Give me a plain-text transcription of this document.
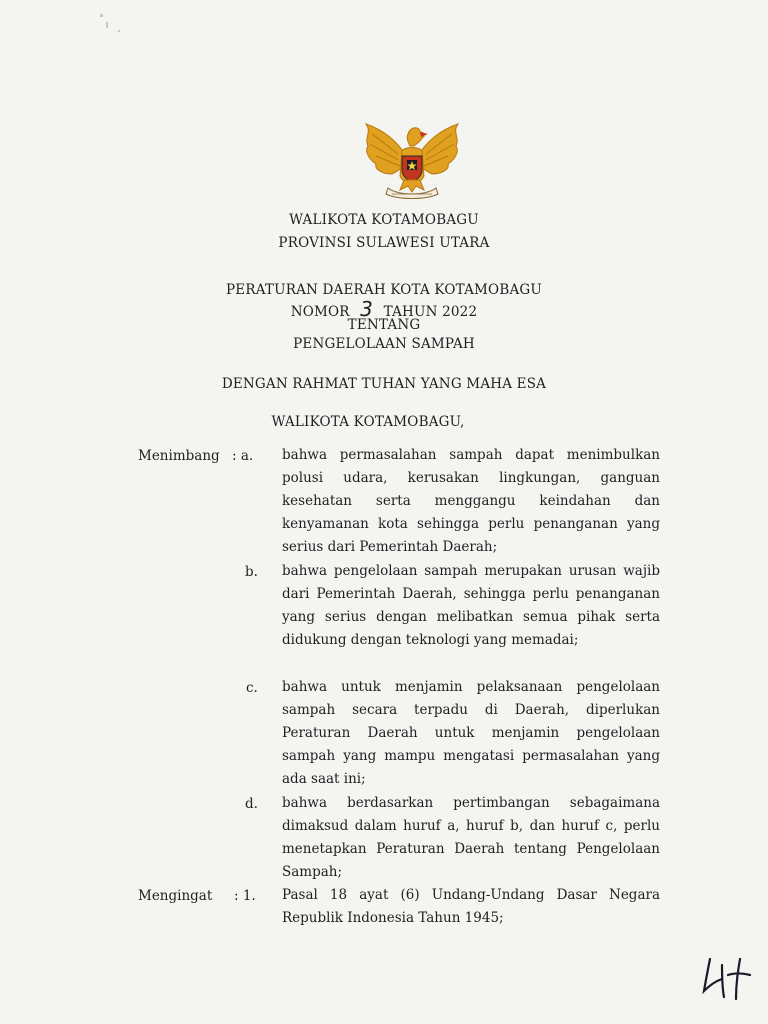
WALIKOTA KOTAMOBAGU
PROVINSI SULAWESI UTARA
PERATURAN DAERAH KOTA KOTAMOBAGU
NOMOR 3 TAHUN 2022
TENTANG
PENGELOLAAN SAMPAH
DENGAN RAHMAT TUHAN YANG MAHA ESA
WALIKOTA KOTAMOBAGU,
Menimbang : a. bahwa permasalahan sampah dapat menimbulkan polusi udara, kerusakan lingkungan, ganguan kesehatan serta menggangu keindahan dan kenyamanan kota sehingga perlu penanganan yang serius dari Pemerintah Daerah;
b. bahwa pengelolaan sampah merupakan urusan wajib dari Pemerintah Daerah, sehingga perlu penanganan yang serius dengan melibatkan semua pihak serta didukung dengan teknologi yang memadai;
c. bahwa untuk menjamin pelaksanaan pengelolaan sampah secara terpadu di Daerah, diperlukan Peraturan Daerah untuk menjamin pengelolaan sampah yang mampu mengatasi permasalahan yang ada saat ini;
d. bahwa berdasarkan pertimbangan sebagaimana dimaksud dalam huruf a, huruf b, dan huruf c, perlu menetapkan Peraturan Daerah tentang Pengelolaan Sampah;
Mengingat : 1. Pasal 18 ayat (6) Undang-Undang Dasar Negara Republik Indonesia Tahun 1945;
